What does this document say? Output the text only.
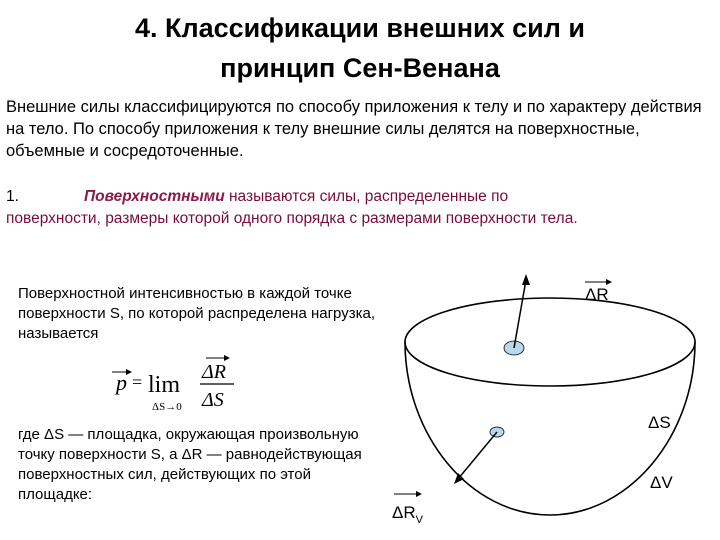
4. Классификации внешних сил и
принцип Сен-Венана
Внешние силы классифицируются по способу приложения к телу и по характеру действия на тело. По способу приложения к телу внешние силы делятся на поверхностные, объемные и сосредоточенные.
1.	Поверхностными называются силы, распределенные по поверхности, размеры которой одного порядка с размерами поверхности тела.
Поверхностной интенсивностью в каждой точке поверхности S, по которой распределена нагрузка, называется
p = lim
ΔS→0
ΔR
ΔS
где ΔS — площадка, окружающая произвольную точку поверхности S, а ΔR — равнодействующая поверхностных сил, действующих по этой площадке:
ΔR
$\Delta R_V$
ΔS
ΔV
